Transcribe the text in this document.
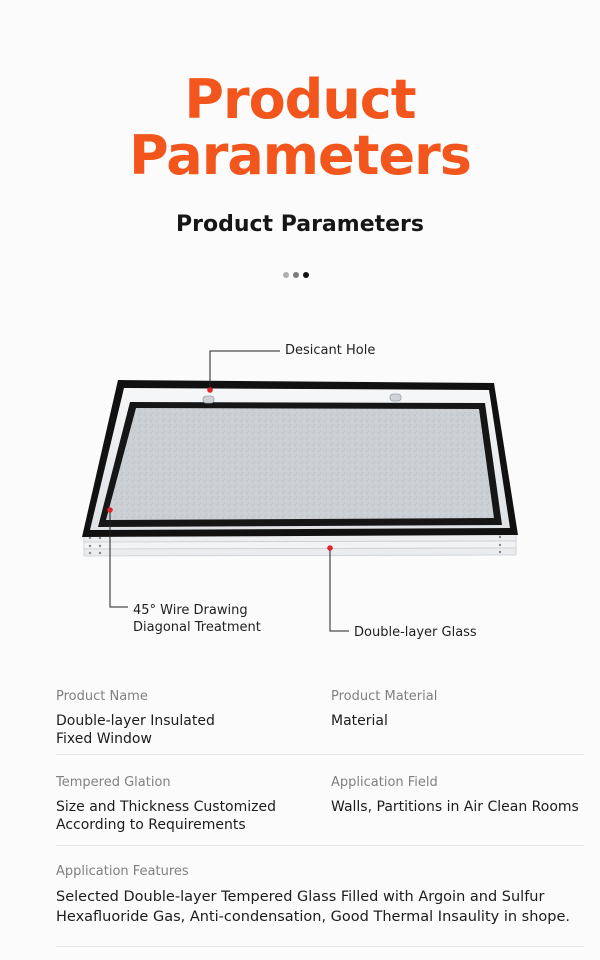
Product
Parameters
Product Parameters
Desicant Hole
45° Wire Drawing
Diagonal Treatment	Double-layer Glass
Product Name
Double-layer Insulated
Fixed Window
Product Material
Material
Tempered Glation
Size and Thickness Customized
According to Requirements
Application Field
Walls, Partitions in Air Clean Rooms
Application Features
Selected Double-layer Tempered Glass Filled with Argoin and Sulfur
Hexafluoride Gas, Anti-condensation, Good Thermal Insaulity in shope.
